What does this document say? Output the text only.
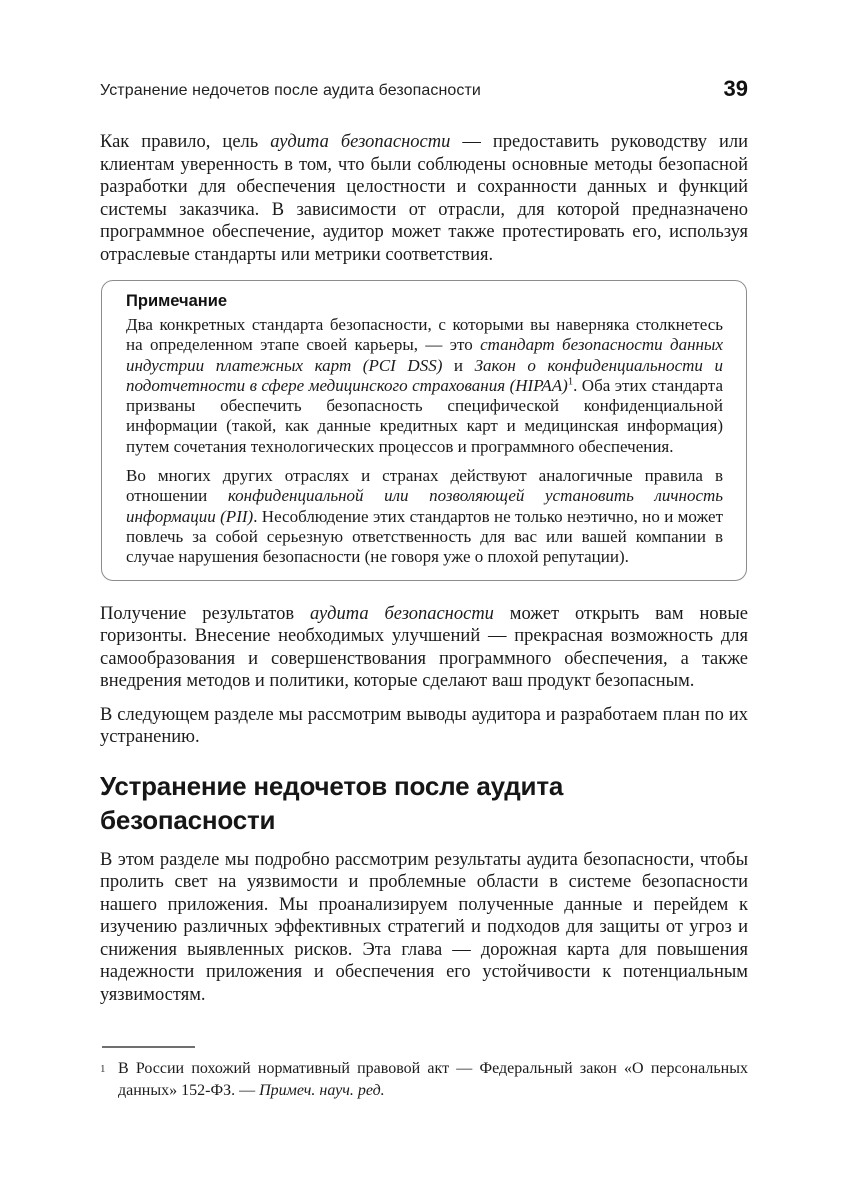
Устранение недочетов после аудита безопасности	39

Как правило, цель аудита безопасности — предоставить руководству или клиентам уверенность в том, что были соблюдены основные методы безопасной разработки для обеспечения целостности и сохранности данных и функций системы заказчика. В зависимости от отрасли, для которой предназначено программное обеспечение, аудитор может также протестировать его, используя отраслевые стандарты или метрики соответствия.

Примечание

Два конкретных стандарта безопасности, с которыми вы наверняка столкнетесь на определенном этапе своей карьеры, — это стандарт безопасности данных индустрии платежных карт (PCI DSS) и Закон о конфиденциальности и подотчетности в сфере медицинского страхования (HIPAA)$^1$. Оба этих стандарта призваны обеспечить безопасность специфической конфиденциальной информации (такой, как данные кредитных карт и медицинская информация) путем сочетания технологических процессов и программного обеспечения.

Во многих других отраслях и странах действуют аналогичные правила в отношении конфиденциальной или позволяющей установить личность информации (PII). Несоблюдение этих стандартов не только неэтично, но и может повлечь за собой серьезную ответственность для вас или вашей компании в случае нарушения безопасности (не говоря уже о плохой репутации).

Получение результатов аудита безопасности может открыть вам новые горизонты. Внесение необходимых улучшений — прекрасная возможность для самообразования и совершенствования программного обеспечения, а также внедрения методов и политики, которые сделают ваш продукт безопасным.

В следующем разделе мы рассмотрим выводы аудитора и разработаем план по их устранению.

Устранение недочетов после аудита безопасности

В этом разделе мы подробно рассмотрим результаты аудита безопасности, чтобы пролить свет на уязвимости и проблемные области в системе безопасности нашего приложения. Мы проанализируем полученные данные и перейдем к изучению различных эффективных стратегий и подходов для защиты от угроз и снижения выявленных рисков. Эта глава — дорожная карта для повышения надежности приложения и обеспечения его устойчивости к потенциальным уязвимостям.

1 В России похожий нормативный правовой акт — Федеральный закон «О персональных данных» 152-ФЗ. — Примеч. науч. ред.
